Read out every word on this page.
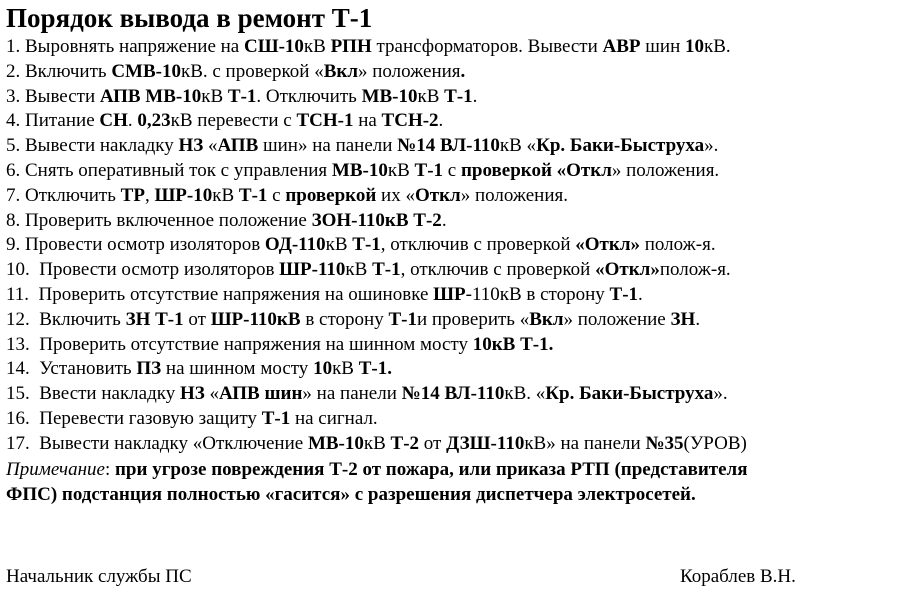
Порядок вывода в ремонт Т-1
1. Выровнять напряжение на СШ-10кВ РПН трансформаторов. Вывести АВР шин 10кВ.
2. Включить СМВ-10кВ. с проверкой «Вкл» положения.
3. Вывести АПВ МВ-10кВ Т-1. Отключить МВ-10кВ Т-1.
4. Питание СН. 0,23кВ перевести с ТСН-1 на ТСН-2.
5. Вывести накладку НЗ «АПВ шин» на панели №14 ВЛ-110кВ «Кр. Баки-Быструха».
6. Снять оперативный ток с управления МВ-10кВ Т-1 с проверкой «Откл» положения.
7. Отключить ТР, ШР-10кВ Т-1 с проверкой их «Откл» положения.
8. Проверить включенное положение ЗОН-110кВ Т-2.
9. Провести осмотр изоляторов ОД-110кВ Т-1, отключив с проверкой «Откл» полож-я.
10. Провести осмотр изоляторов ШР-110кВ Т-1, отключив с проверкой «Откл»полож-я.
11. Проверить отсутствие напряжения на ошиновке ШР-110кВ в сторону Т-1.
12. Включить ЗН Т-1 от ШР-110кВ в сторону Т-1и проверить «Вкл» положение ЗН.
13. Проверить отсутствие напряжения на шинном мосту 10кВ Т-1.
14. Установить ПЗ на шинном мосту 10кВ Т-1.
15. Ввести накладку НЗ «АПВ шин» на панели №14 ВЛ-110кВ. «Кр. Баки-Быструха».
16. Перевести газовую защиту Т-1 на сигнал.
17. Вывести накладку «Отключение МВ-10кВ Т-2 от ДЗШ-110кВ» на панели №35(УРОВ)
Примечание: при угрозе повреждения Т-2 от пожара, или приказа РТП (представителя
ФПС) подстанция полностью «гасится» с разрешения диспетчера электросетей.
Начальник службы ПС	Кораблев В.Н.
